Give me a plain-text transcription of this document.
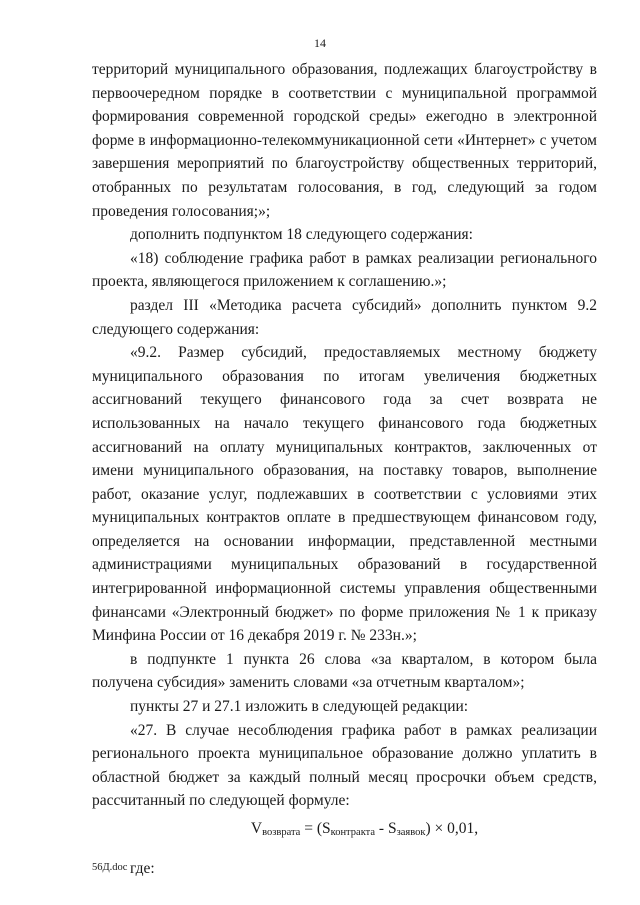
14

территорий муниципального образования, подлежащих благоустройству в первоочередном порядке в соответствии с муниципальной программой формирования современной городской среды» ежегодно в электронной форме в информационно-телекоммуникационной сети «Интернет» с учетом завершения мероприятий по благоустройству общественных территорий, отобранных по результатам голосования, в год, следующий за годом проведения голосования;»;

дополнить подпунктом 18 следующего содержания:

«18) соблюдение графика работ в рамках реализации регионального проекта, являющегося приложением к соглашению.»;

раздел III «Методика расчета субсидий» дополнить пунктом 9.2 следующего содержания:

«9.2. Размер субсидий, предоставляемых местному бюджету муниципального образования по итогам увеличения бюджетных ассигнований текущего финансового года за счет возврата не использованных на начало текущего финансового года бюджетных ассигнований на оплату муниципальных контрактов, заключенных от имени муниципального образования, на поставку товаров, выполнение работ, оказание услуг, подлежавших в соответствии с условиями этих муниципальных контрактов оплате в предшествующем финансовом году, определяется на основании информации, представленной местными администрациями муниципальных образований в государственной интегрированной информационной системы управления общественными финансами «Электронный бюджет» по форме приложения № 1 к приказу Минфина России от 16 декабря 2019 г. № 233н.»;

в подпункте 1 пункта 26 слова «за кварталом, в котором была получена субсидия» заменить словами «за отчетным кварталом»;

пункты 27 и 27.1 изложить в следующей редакции:

«27. В случае несоблюдения графика работ в рамках реализации регионального проекта муниципальное образование должно уплатить в областной бюджет за каждый полный месяц просрочки объем средств, рассчитанный по следующей формуле:

Vвозврата = (Sконтракта - Sзаявок) × 0,01,

где:

56Д.doc
